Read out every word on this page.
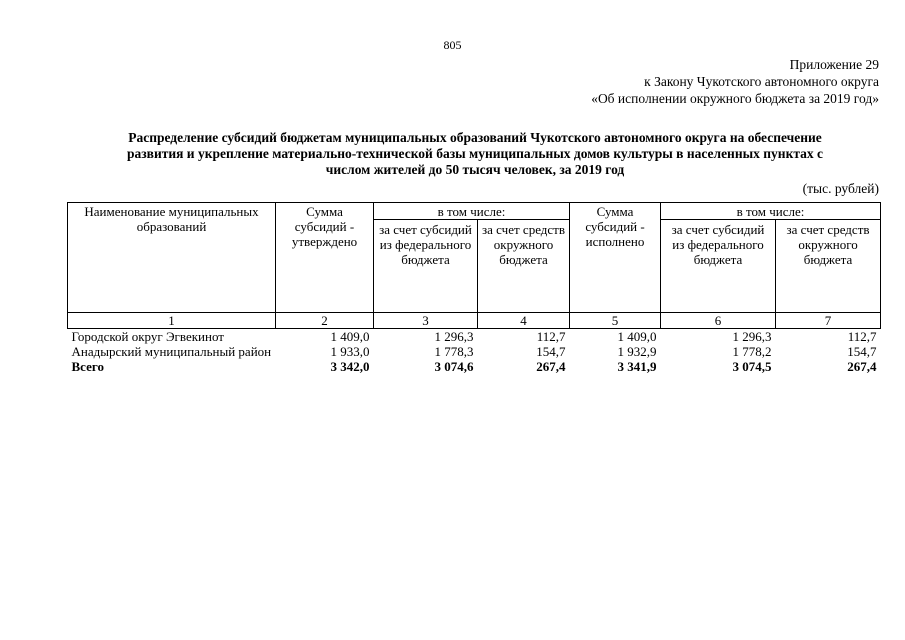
805
Приложение 29
к Закону Чукотского автономного округа
«Об исполнении окружного бюджета за 2019 год»
Распределение субсидий бюджетам муниципальных образований Чукотского автономного округа на обеспечение
развития и укрепление материально-технической базы муниципальных домов культуры в населенных пунктах с
числом жителей до 50 тысяч человек, за 2019 год
(тыс. рублей)
Наименование муниципальных образований	Сумма субсидий - утверждено	в том числе:		Сумма субсидий - исполнено	в том числе:	
		за счет субсидий из федерального бюджета	за счет средств окружного бюджета		за счет субсидий из федерального бюджета	за счет средств окружного бюджета
1	2	3	4	5	6	7
Городской округ Эгвекинот	1 409,0	1 296,3	112,7	1 409,0	1 296,3	112,7
Анадырский муниципальный район	1 933,0	1 778,3	154,7	1 932,9	1 778,2	154,7
Всего	3 342,0	3 074,6	267,4	3 341,9	3 074,5	267,4
